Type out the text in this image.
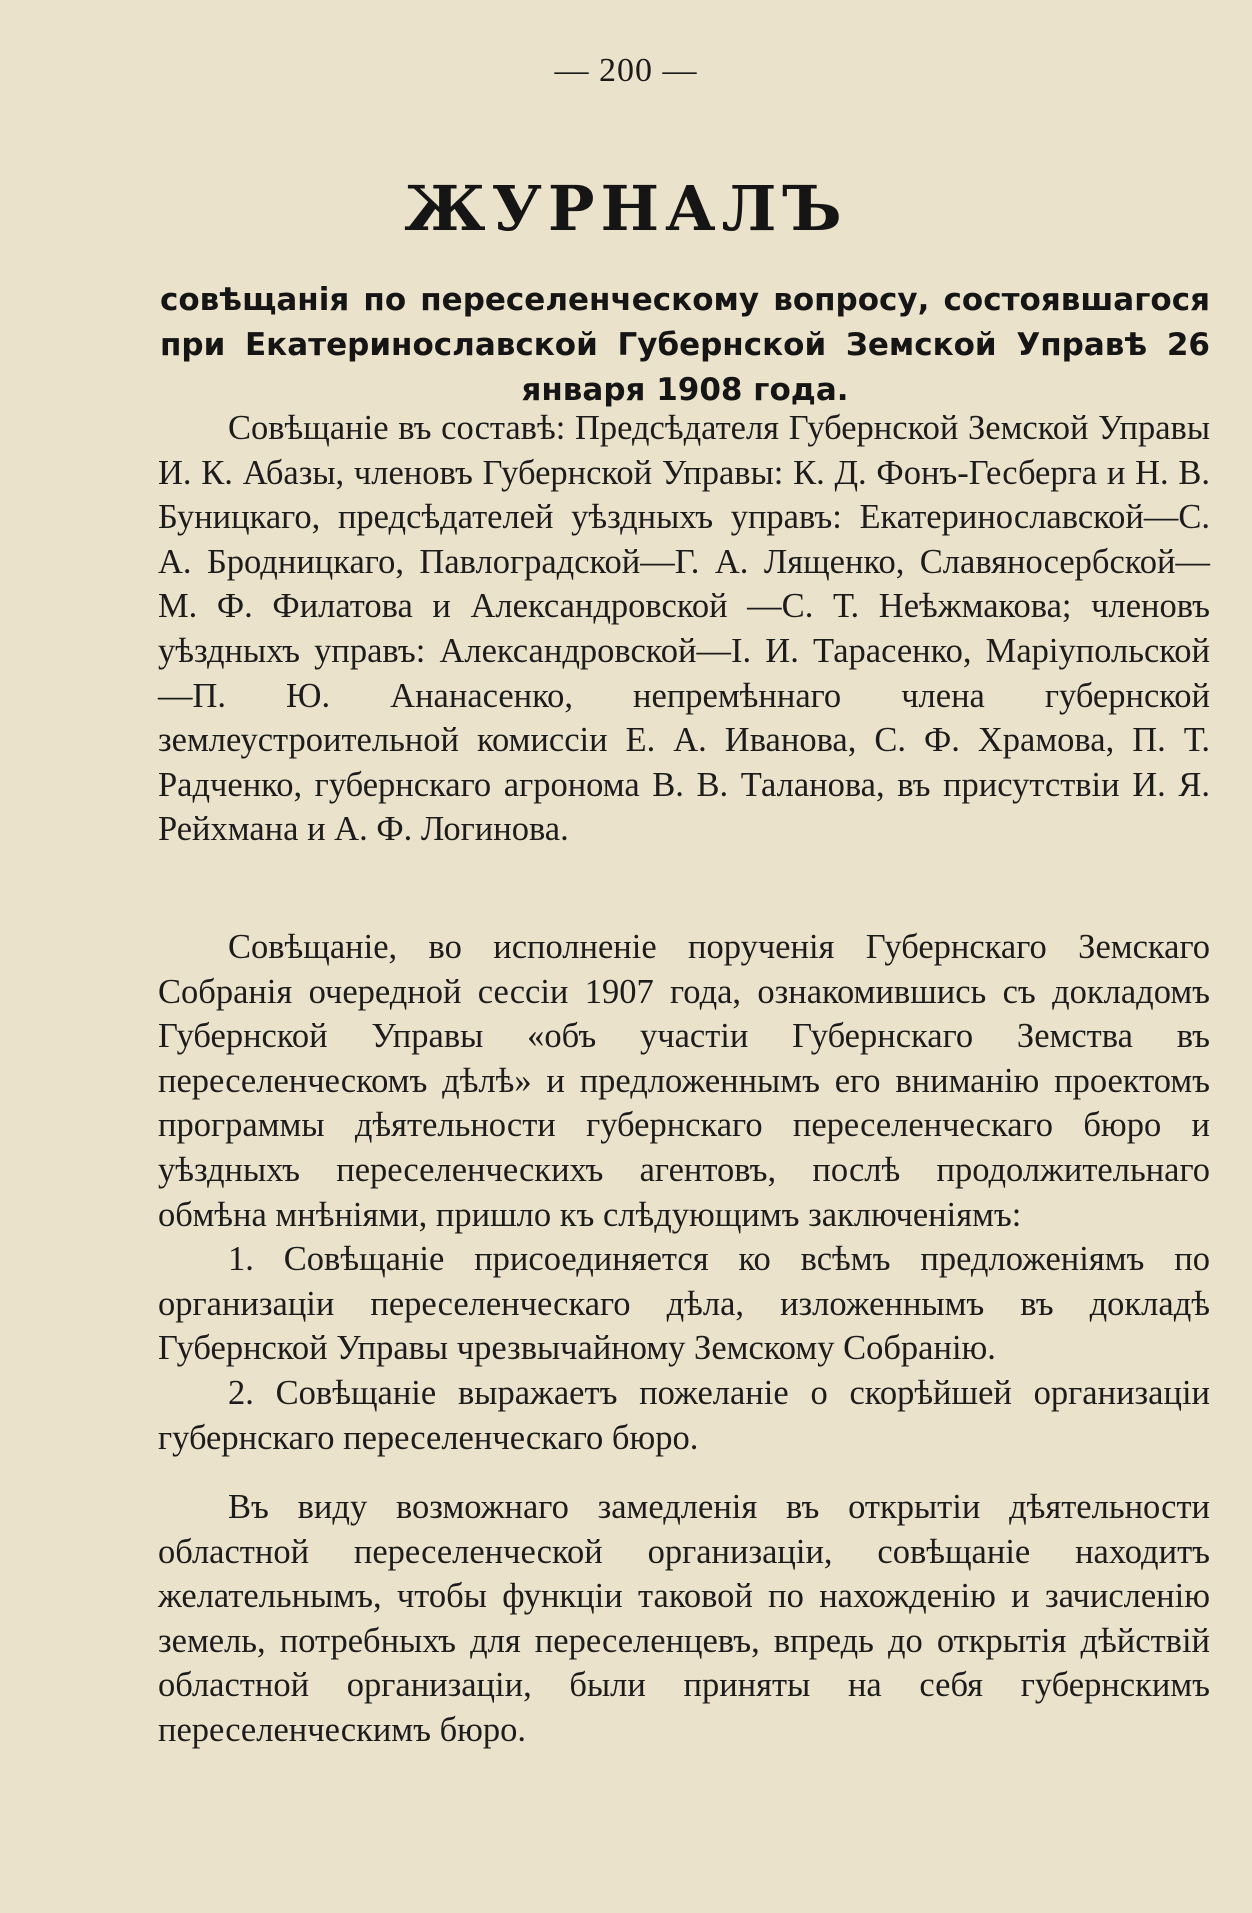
— 200 —
ЖУРНАЛЪ
совѣщанія по переселенческому вопросу, состоявшагося при Екатеринославской Губернской Земской Управѣ 26 января 1908 года.

Совѣщаніе въ составѣ: Предсѣдателя Губернской Земской Управы И. К. Абазы, членовъ Губернской Управы: К. Д. Фонъ-Гесберга и Н. В. Буницкаго, предсѣдателей уѣздныхъ управъ: Екатеринославской—С. А. Бродницкаго, Павлоградской—Г. А. Лященко, Славяносербской—М. Ф. Филатова и Александровской —С. Т. Неѣжмакова; членовъ уѣздныхъ управъ: Александровской—І. И. Тарасенко, Маріупольской—П. Ю. Ананасенко, непремѣннаго члена губернской землеустроительной комиссіи Е. А. Иванова, С. Ф. Храмова, П. Т. Радченко, губернскаго агронома В. В. Таланова, въ присутствіи И. Я. Рейхмана и А. Ф. Логинова.

Совѣщаніе, во исполненіе порученія Губернскаго Земскаго Собранія очередной сессіи 1907 года, ознакомившись съ докладомъ Губернской Управы «объ участіи Губернскаго Земства въ переселенческомъ дѣлѣ» и предложеннымъ его вниманію проектомъ программы дѣятельности губернскаго переселенческаго бюро и уѣздныхъ переселенческихъ агентовъ, послѣ продолжительнаго обмѣна мнѣніями, пришло къ слѣдующимъ заключеніямъ:

1. Совѣщаніе присоединяется ко всѣмъ предложеніямъ по организаціи переселенческаго дѣла, изложеннымъ въ докладѣ Губернской Управы чрезвычайному Земскому Собранію.

2. Совѣщаніе выражаетъ пожеланіе о скорѣйшей организаціи губернскаго переселенческаго бюро.

Въ виду возможнаго замедленія въ открытіи дѣятельности областной переселенческой организаціи, совѣщаніе находитъ желательнымъ, чтобы функціи таковой по нахожденію и зачисленію земель, потребныхъ для переселенцевъ, впредь до открытія дѣйствій областной организаціи, были приняты на себя губернскимъ переселенческимъ бюро.
